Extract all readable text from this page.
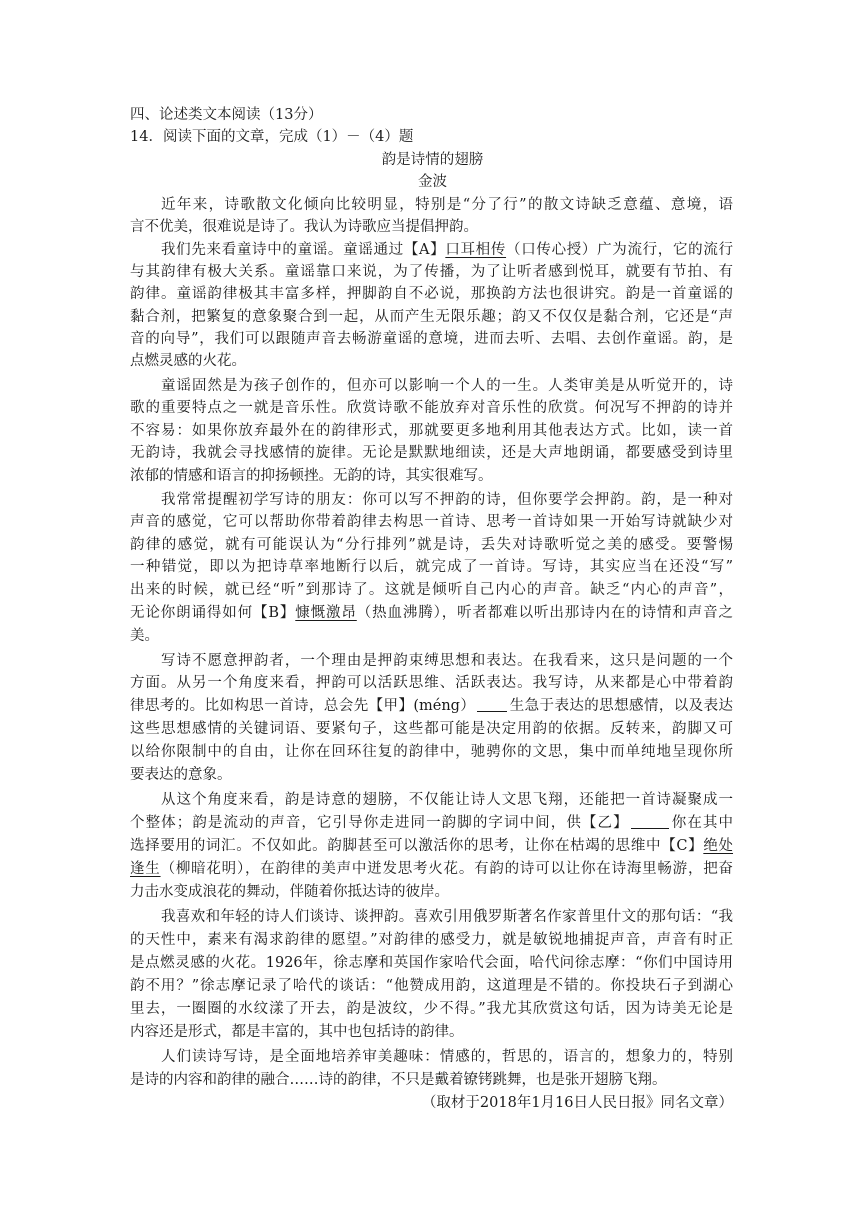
四、论述类文本阅读（13分）
14．阅读下面的文章，完成（1）－（4）题
韵是诗情的翅膀
金波
近年来，诗歌散文化倾向比较明显，特别是“分了行”的散文诗缺乏意蕴、意境，语
言不优美，很难说是诗了。我认为诗歌应当提倡押韵。
我们先来看童诗中的童谣。童谣通过【A】口耳相传（口传心授）广为流行，它的流行
与其韵律有极大关系。童谣靠口来说，为了传播，为了让听者感到悦耳，就要有节拍、有
韵律。童谣韵律极其丰富多样，押脚韵自不必说，那换韵方法也很讲究。韵是一首童谣的
黏合剂，把繁复的意象聚合到一起，从而产生无限乐趣；韵又不仅仅是黏合剂，它还是“声
音的向导”，我们可以跟随声音去畅游童谣的意境，进而去听、去唱、去创作童谣。韵，是
点燃灵感的火花。
童谣固然是为孩子创作的，但亦可以影响一个人的一生。人类审美是从听觉开的，诗
歌的重要特点之一就是音乐性。欣赏诗歌不能放弃对音乐性的欣赏。何况写不押韵的诗并
不容易：如果你放弃最外在的韵律形式，那就要更多地利用其他表达方式。比如，读一首
无韵诗，我就会寻找感情的旋律。无论是默默地细读，还是大声地朗诵，都要感受到诗里
浓郁的情感和语言的抑扬顿挫。无韵的诗，其实很难写。
我常常提醒初学写诗的朋友：你可以写不押韵的诗，但你要学会押韵。韵，是一种对
声音的感觉，它可以帮助你带着韵律去构思一首诗、思考一首诗如果一开始写诗就缺少对
韵律的感觉，就有可能误认为“分行排列”就是诗，丢失对诗歌听觉之美的感受。要警惕
一种错觉，即以为把诗草率地断行以后，就完成了一首诗。写诗，其实应当在还没“写”
出来的时候，就已经“听”到那诗了。这就是倾听自己内心的声音。缺乏“内心的声音”，
无论你朗诵得如何【B】慷慨激昂（热血沸腾），听者都难以听出那诗内在的诗情和声音之
美。
写诗不愿意押韵者，一个理由是押韵束缚思想和表达。在我看来，这只是问题的一个
方面。从另一个角度来看，押韵可以活跃思维、活跃表达。我写诗，从来都是心中带着韵
律思考的。比如构思一首诗，总会先【甲】(méng） 生急于表达的思想感情，以及表达
这些思想感情的关键词语、要紧句子，这些都可能是决定用韵的依据。反转来，韵脚又可
以给你限制中的自由，让你在回环往复的韵律中，驰骋你的文思，集中而单纯地呈现你所
要表达的意象。
从这个角度来看，韵是诗意的翅膀，不仅能让诗人文思飞翔，还能把一首诗凝聚成一
个整体；韵是流动的声音，它引导你走进同一韵脚的字词中间，供【乙】	你在其中
选择要用的词汇。不仅如此。韵脚甚至可以激活你的思考，让你在枯竭的思维中【C】绝处
逢生（柳暗花明），在韵律的美声中迸发思考火花。有韵的诗可以让你在诗海里畅游，把奋
力击水变成浪花的舞动，伴随着你抵达诗的彼岸。
我喜欢和年轻的诗人们谈诗、谈押韵。喜欢引用俄罗斯著名作家普里什文的那句话：“我
的天性中，素来有渴求韵律的愿望。”对韵律的感受力，就是敏锐地捕捉声音，声音有时正
是点燃灵感的火花。1926年，徐志摩和英国作家哈代会面，哈代问徐志摩：“你们中国诗用
韵不用？”徐志摩记录了哈代的谈话：“他赞成用韵，这道理是不错的。你投块石子到湖心
里去，一圈圈的水纹漾了开去，韵是波纹，少不得。”我尤其欣赏这句话，因为诗美无论是
内容还是形式，都是丰富的，其中也包括诗的韵律。
人们读诗写诗，是全面地培养审美趣味：情感的，哲思的，语言的，想象力的，特别
是诗的内容和韵律的融合……诗的韵律，不只是戴着镣铐跳舞，也是张开翅膀飞翔。
（取材于2018年1月16日人民日报》同名文章）
